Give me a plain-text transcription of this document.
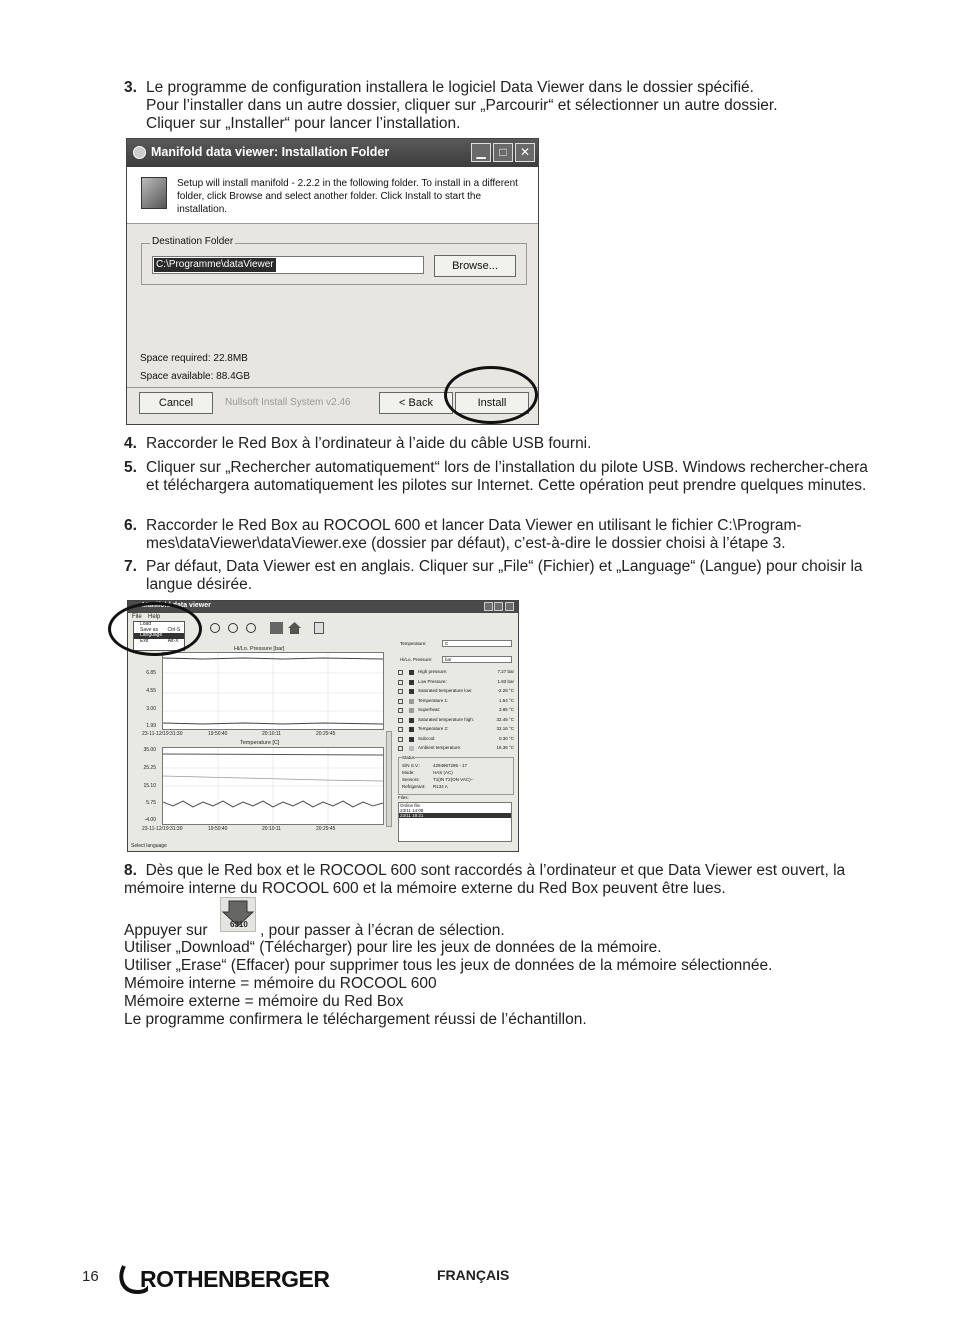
3. Le programme de configuration installera le logiciel Data Viewer dans le dossier spécifié.
Pour l’installer dans un autre dossier, cliquer sur „Parcourir“ et sélectionner un autre dossier.
Cliquer sur „Installer“ pour lancer l’installation.
Manifold data viewer: Installation Folder	▁	□	✕
Setup will install manifold - 2.2.2 in the following folder. To install in a different folder, click Browse and select another folder. Click Install to start the installation.
Destination Folder
C:\Programme\dataViewer	Browse...
Space required: 22.8MB
Space available: 88.4GB
Cancel	Nullsoft Install System v2.46	< Back	Install
4. Raccorder le Red Box à l’ordinateur à l’aide du câble USB fourni.
5. Cliquer sur „Rechercher automatiquement“ lors de l’installation du pilote USB. Windows rechercher-chera et téléchargera automatiquement les pilotes sur Internet. Cette opération peut prendre quelques minutes.
6. Raccorder le Red Box au ROCOOL 600 et lancer Data Viewer en utilisant le fichier C:\Program-mes\dataViewer\dataViewer.exe (dossier par défaut), c’est-à-dire le dossier choisi à l’étape 3.
7. Par défaut, Data Viewer est en anglais. Cliquer sur „File“ (Fichier) et „Language“ (Langue) pour choisir la langue désirée.
Manifold data viewer
File Help
Load
Save as Ctrl-S
Language
Exit	Alt-X
Hi/Lo. Pressure [bar]
6.85
4.55
3.00
1.99
23-11-12/19:31:30	19:50:40	20:10:11	20:29:45
Temperature [C]
35.00
25.25
15.10
5.75
-4.00
23-11-12/19:31:30	19:50:40	20:10:11	20:29:45
Temperature:	C
Hi/Lo. Pressure:	bar
High pressure:	7.27 bar
Low Pressure:	1.83 bar
Saturated temperature low:	-2.28 °C
Temperature 1:	1.54 °C
Superheat:	3.85 °C
Saturated temperature high:	32.46 °C
Temperature 2:	32.16 °C
Subcool:	0.30 °C
Ambient temperature:	16.36 °C
Status
S/N S.V.:	4294967295 - 17
Mode:	HAS (AC)
Sensors:	T1(IN T2(ON VAC)--
Refrigerant: R134 A
Files:
Online file
23/11 14:08
23/11 19:31
Select language
8. Dès que le Red box et le ROCOOL 600 sont raccordés à l’ordinateur et que Data Viewer est ouvert, la mémoire interne du ROCOOL 600 et la mémoire externe du Red Box peuvent être lues.
Appuyer sur	6310 , pour passer à l’écran de sélection.
Utiliser „Download“ (Télécharger) pour lire les jeux de données de la mémoire.
Utiliser „Erase“ (Effacer) pour supprimer tous les jeux de données de la mémoire sélectionnée.
Mémoire interne = mémoire du ROCOOL 600
Mémoire externe = mémoire du Red Box
Le programme confirmera le téléchargement réussi de l’échantillon.
16 ROTHENBERGER	FRANÇAIS
